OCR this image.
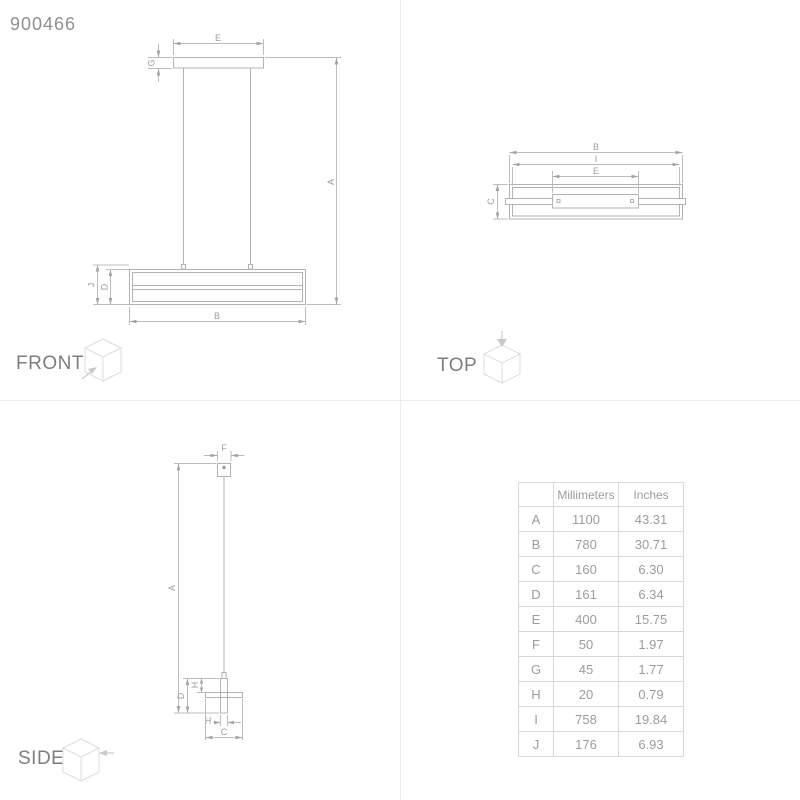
900466
E
G
A
J D
B
B
I
E
C
F
A
H
D
H
C
FRONT	TOP
SIDE
	Millimeters	Inches
A	1100	43.31
B	780	30.71
C	160	6.30
D	161	6.34
E	400	15.75
F	50	1.97
G	45	1.77
H	20	0.79
I	758	19.84
J	176	6.93
